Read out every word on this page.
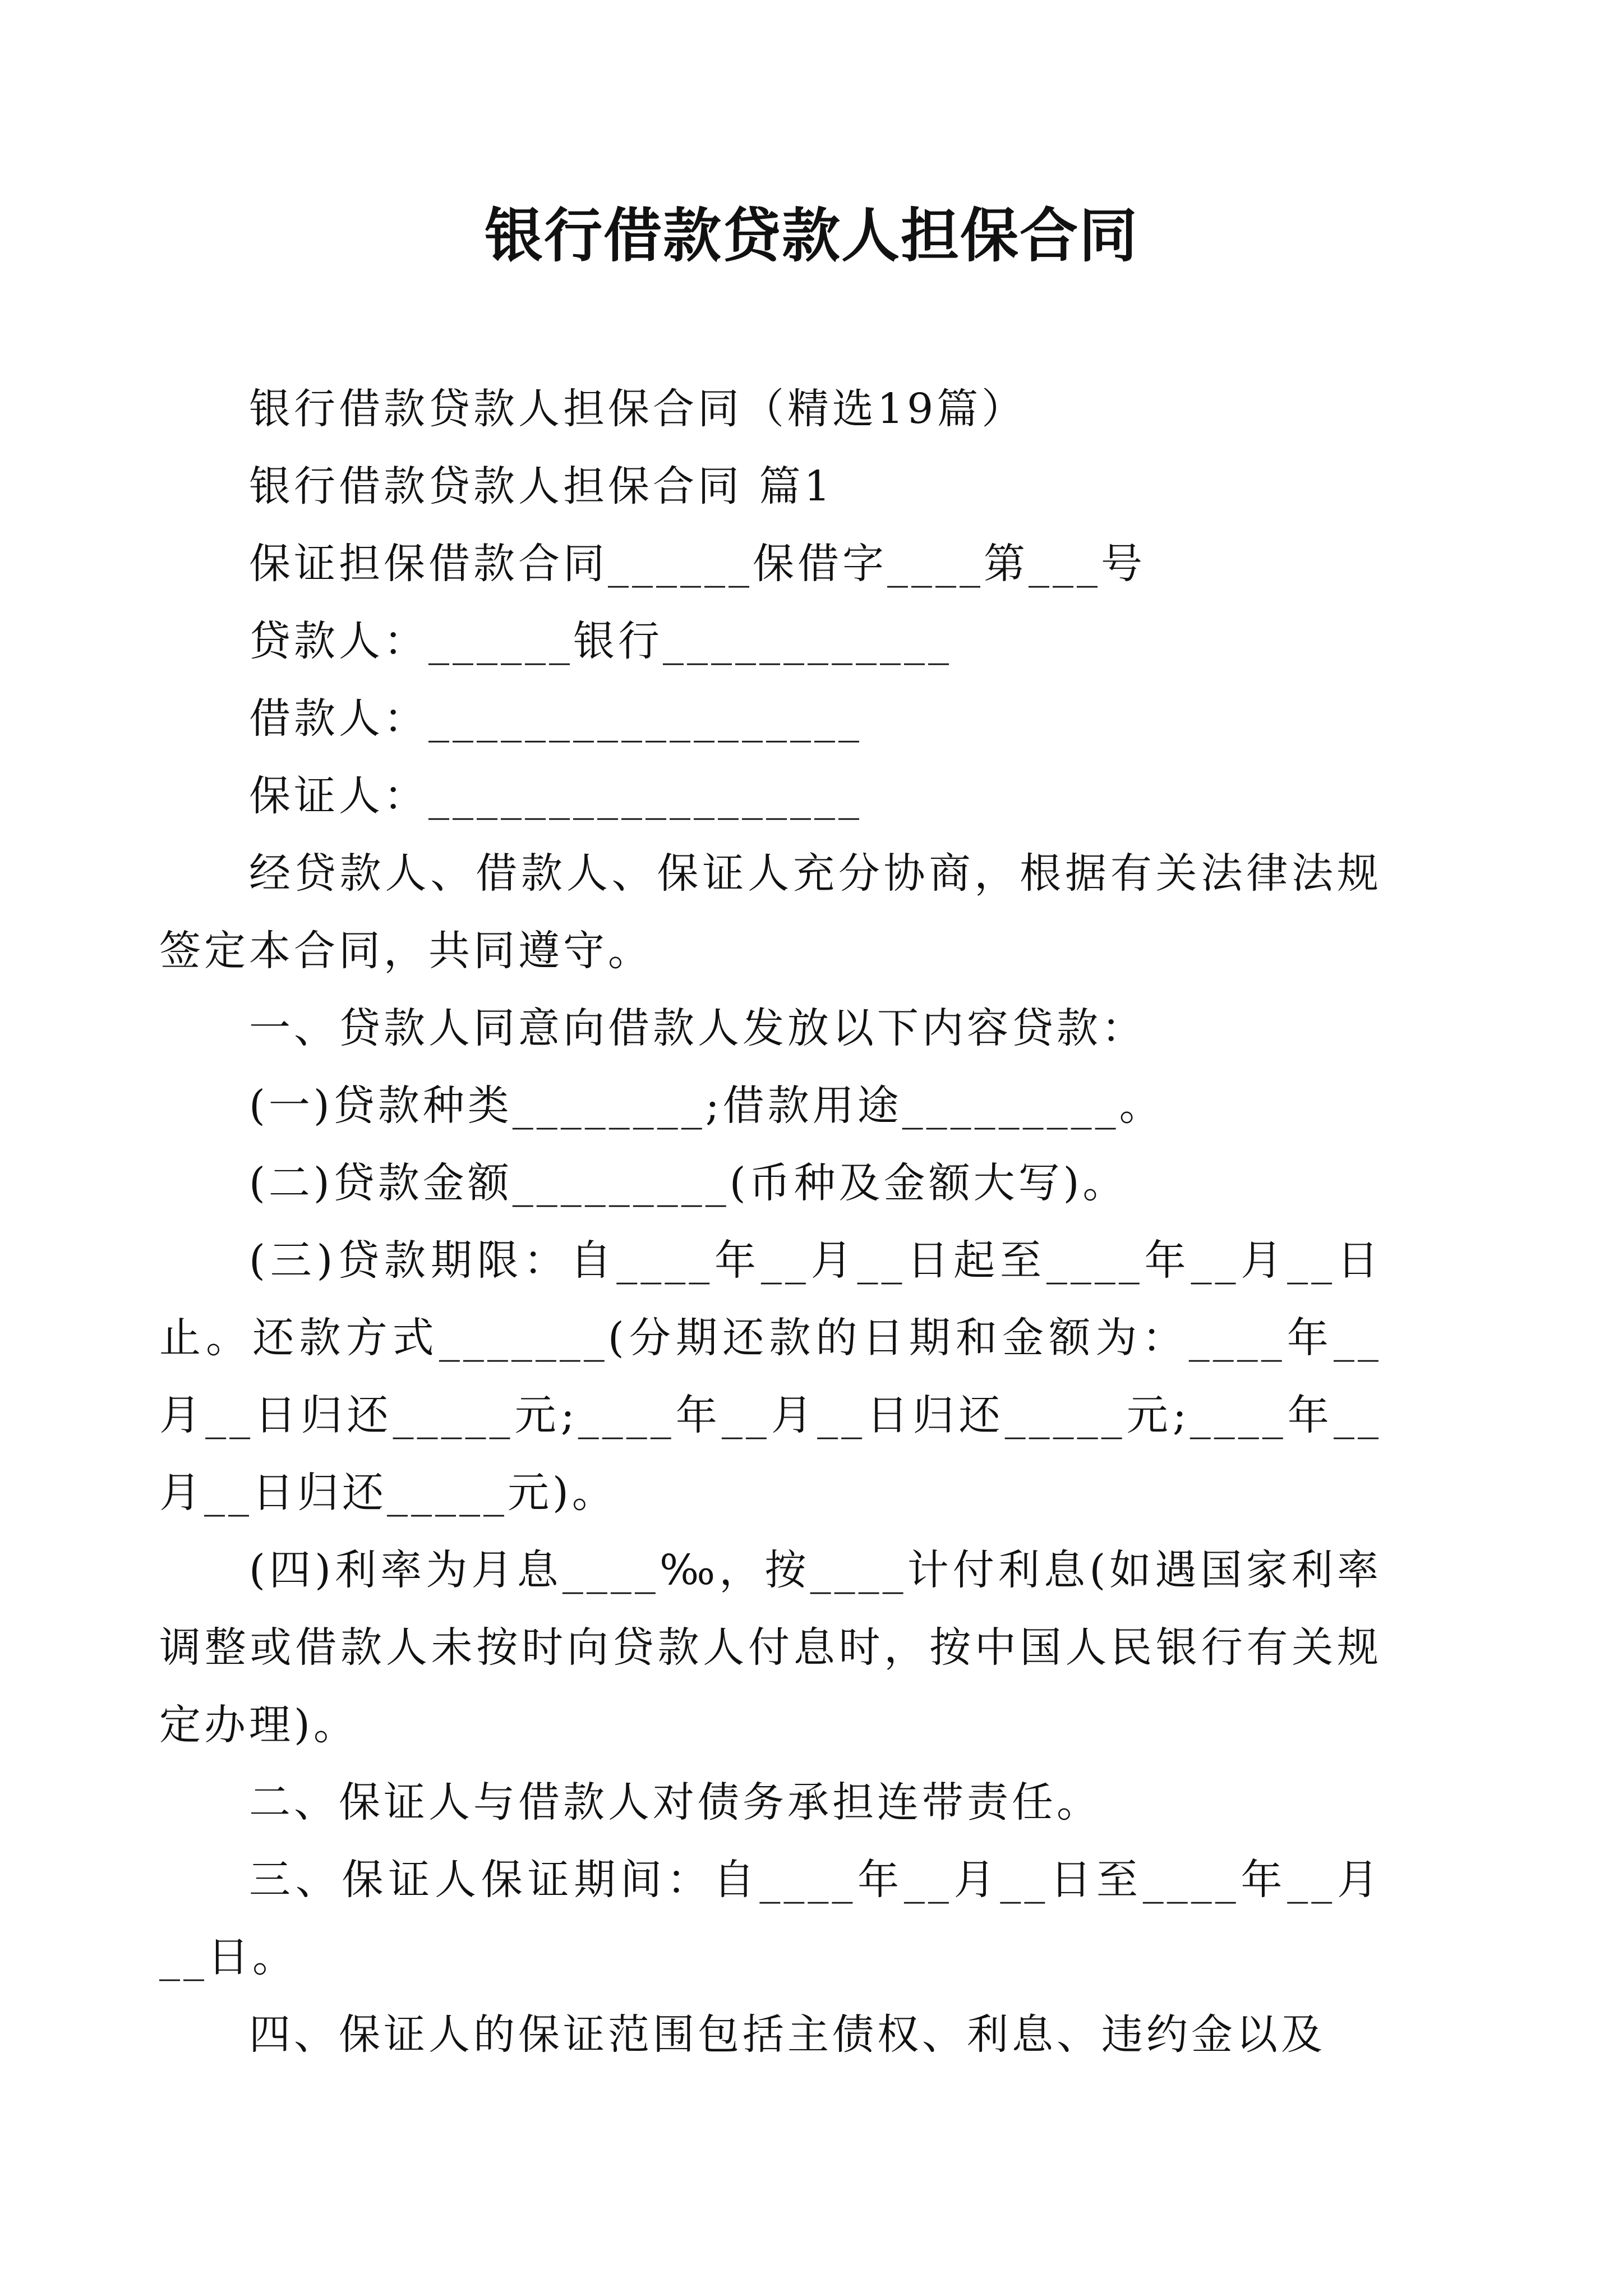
银行借款贷款人担保合同

银行借款贷款人担保合同（精选19篇）

银行借款贷款人担保合同 篇1

保证担保借款合同______保借字____第___号

贷款人：______银行____________

借款人：__________________

保证人：__________________

经贷款人、借款人、保证人充分协商，根据有关法律法规签定本合同，共同遵守。

一、贷款人同意向借款人发放以下内容贷款：

(一)贷款种类________;借款用途_________。

(二)贷款金额_________(币种及金额大写)。

(三)贷款期限：自____年__月__日起至____年__月__日止。还款方式_______(分期还款的日期和金额为：____年__月__日归还_____元;____年__月__日归还_____元;____年__月__日归还_____元)。

(四)利率为月息____‰，按____计付利息(如遇国家利率调整或借款人未按时向贷款人付息时，按中国人民银行有关规定办理)。

二、保证人与借款人对债务承担连带责任。

三、保证人保证期间：自____年__月__日至____年__月__日。

四、保证人的保证范围包括主债权、利息、违约金以及
